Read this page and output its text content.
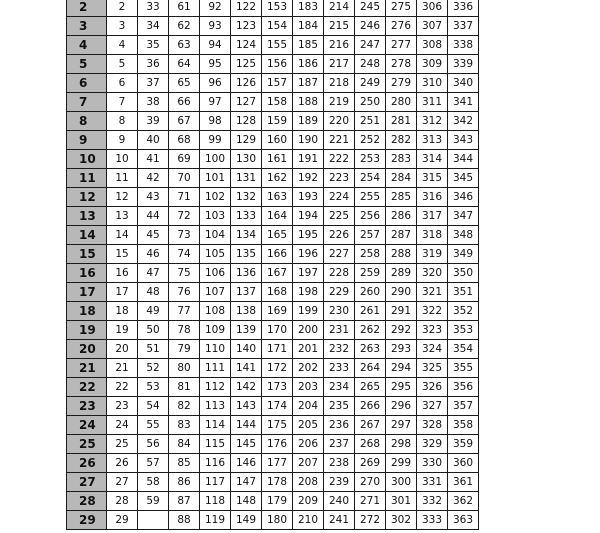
2	2	33	61	92	122	153	183	214	245	275	306	336
3	3	34	62	93	123	154	184	215	246	276	307	337
4	4	35	63	94	124	155	185	216	247	277	308	338
5	5	36	64	95	125	156	186	217	248	278	309	339
6	6	37	65	96	126	157	187	218	249	279	310	340
7	7	38	66	97	127	158	188	219	250	280	311	341
8	8	39	67	98	128	159	189	220	251	281	312	342
9	9	40	68	99	129	160	190	221	252	282	313	343
10	10	41	69	100	130	161	191	222	253	283	314	344
11	11	42	70	101	131	162	192	223	254	284	315	345
12	12	43	71	102	132	163	193	224	255	285	316	346
13	13	44	72	103	133	164	194	225	256	286	317	347
14	14	45	73	104	134	165	195	226	257	287	318	348
15	15	46	74	105	135	166	196	227	258	288	319	349
16	16	47	75	106	136	167	197	228	259	289	320	350
17	17	48	76	107	137	168	198	229	260	290	321	351
18	18	49	77	108	138	169	199	230	261	291	322	352
19	19	50	78	109	139	170	200	231	262	292	323	353
20	20	51	79	110	140	171	201	232	263	293	324	354
21	21	52	80	111	141	172	202	233	264	294	325	355
22	22	53	81	112	142	173	203	234	265	295	326	356
23	23	54	82	113	143	174	204	235	266	296	327	357
24	24	55	83	114	144	175	205	236	267	297	328	358
25	25	56	84	115	145	176	206	237	268	298	329	359
26	26	57	85	116	146	177	207	238	269	299	330	360
27	27	58	86	117	147	178	208	239	270	300	331	361
28	28	59	87	118	148	179	209	240	271	301	332	362
29	29		88	119	149	180	210	241	272	302	333	363
